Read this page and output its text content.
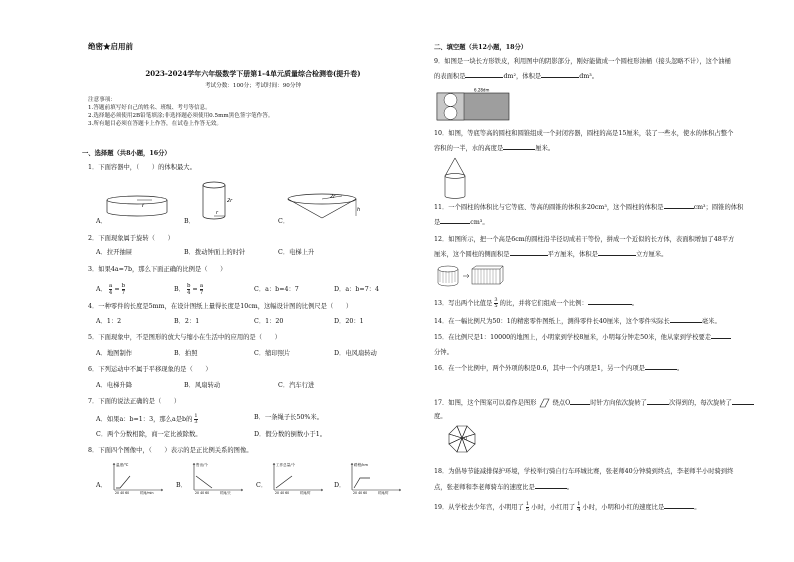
绝密★启用前
2023-2024学年六年级数学下册第1-4单元质量综合检测卷(提升卷)
考试分数：100分；考试时间：90分钟
注意事项：
1.答题前填写好自己的姓名、班级、考号等信息。
2.选择题必须使用2B铅笔填涂;非选择题必须使用0.5mm黑色签字笔作答。
3.所有题目必须在答题卡上作答，在试卷上作答无效。
一、选择题（共8小题，16分）
1．下面容器中，（　　）的体积最大。
A．	B．	C．
r
r
2r
2r
h
2．下面现象属于旋转（　　）
A．拉开抽屉	B．拨动钟面上的时针	C．电梯上升
3．如果4a=7b，那么下面正确的比例是（　　）
A． $\frac{a}{4} = \frac{b}{7}$	B． $\frac{b}{4} = \frac{a}{7}$	C．a：b=4：7	D．a：b=7：4
4．一种零件的长度是5mm，在设计图纸上量得长度是10cm，这幅设计图的比例尺是（　　）
A．1：2	B．2：1	C．1：20	D．20：1
5．下面现象中，不是图形的放大与缩小在生活中的应用的是（　　）
A．地图制作	B．拍照	C．缩印照片	D．电风扇转动
6．下列运动中不属于平移现象的是（　　）
A．电梯升降	B．风扇转动	C．汽车行进
7．下面的说法正确的是（　　）
A．如果a：b=1：3，那么a是b的 $\frac{1}{3}$	B．一条绳子长50%米。
C．两个分数相除，商一定比被除数。	D．假分数的倒数小于1。
8．下面四个图像中，（　　）表示的是正比例关系的图像。
A．
温度/℃
20 40 60	时间/min
B．
售出/个
20 40 60	时间/天
C．
工作总量/个
20 40 60	时间/时
D．
路程/km
20 40 60	时间/时
二、填空题（共12小题，18分）
9．如图是一块长方形铁皮，利用图中的阴影部分，刚好能做成一个圆柱形油桶（接头忽略不计），这个油桶
的表面积是	dm²，体积是	dm³。
6.28dm
10．如图，等底等高的圆柱和圆锥组成一个封闭容器，圆柱的高是15厘米，装了一些水，使水的体积占整个
容积的一半，水的高度是	厘米。
11．一个圆柱的体积比与它等底、等高的圆锥的体积多20cm³，这个圆柱的体积是	cm³；圆锥的体积
是	cm³。
12．如图所示，把一个高是6cm的圆柱沿半径切成若干等份，拼成一个近似的长方体，表面积增加了48平方
厘米，这个圆柱的侧面积是	平方厘米，体积是	立方厘米。
13．写出两个比值是 $\frac{3}{5}$ 的比，并将它们组成一个比例：	。
14．在一幅比例尺为50：1的精密零件图纸上，测得零件长40厘米，这个零件实际长	毫米。
15．在比例尺是1：10000的地图上，小明家到学校8厘米，小明每分钟走50米，他从家到学校要走
分钟。
16．在一个比例中，两个外项的积是0.6，其中一个内项是1，另一个内项是	。
17．如图，这个图案可以看作是图形	绕点O	时针方向依次旋转了	次得到的，每次旋转了
度。
O
18．为倡导节能减排保护环境，学校举行骑自行车环城比赛，张老师40分钟骑到终点，李老师半小时骑到终
点，张老师和李老师骑车的速度比是	。
19．从学校去少年宫，小明用了 $\frac{1}{5}$ 小时，小红用了 $\frac{1}{4}$ 小时，小明和小红的速度比是	。
